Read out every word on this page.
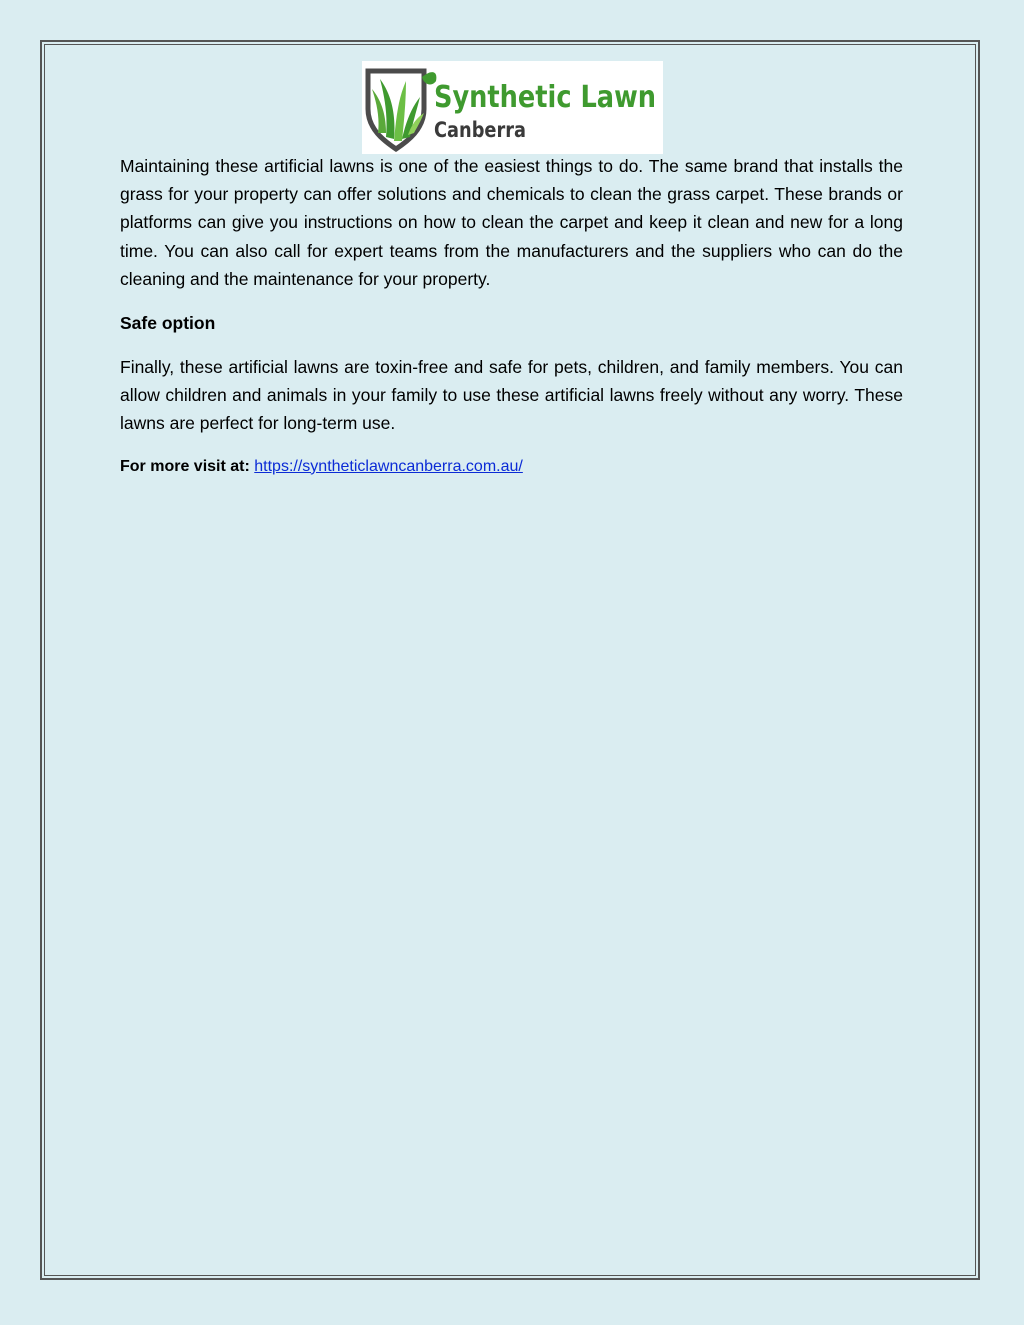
Synthetic Lawn
Canberra

Maintaining these artificial lawns is one of the easiest things to do. The same brand that installs the grass for your property can offer solutions and chemicals to clean the grass carpet. These brands or platforms can give you instructions on how to clean the carpet and keep it clean and new for a long time. You can also call for expert teams from the manufacturers and the suppliers who can do the cleaning and the maintenance for your property.

Safe option

Finally, these artificial lawns are toxin-free and safe for pets, children, and family members. You can allow children and animals in your family to use these artificial lawns freely without any worry. These lawns are perfect for long-term use.

For more visit at: https://syntheticlawncanberra.com.au/
